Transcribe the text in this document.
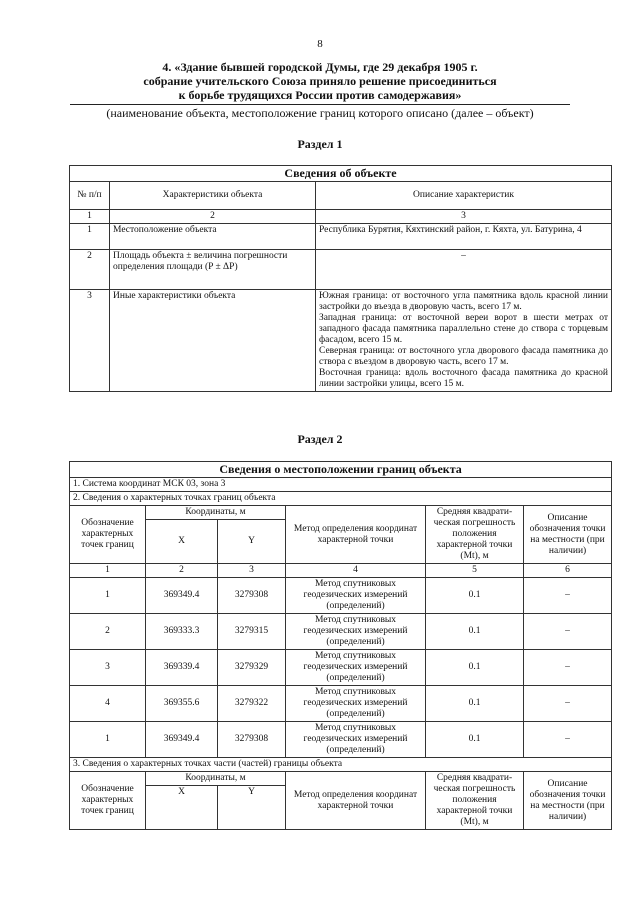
8
4. «Здание бывшей городской Думы, где 29 декабря 1905 г.
собрание учительского Союза приняло решение присоединиться
к борьбе трудящихся России против самодержавия»
(наименование объекта, местоположение границ которого описано (далее – объект)
Раздел 1
Сведения об объекте		
№ п/п	Характеристики объекта	Описание характеристик
1	2	3
1	Местоположение объекта	Республика Бурятия, Кяхтинский район, г. Кяхта, ул. Батурина, 4
2	Площадь объекта ± величина погрешности определения площади (P ± ΔP)	–
3	Иные характеристики объекта	Южная граница: от восточного угла памятника вдоль красной линии застройки до въезда в дворовую часть, всего 17 м.
Западная граница: от восточной вереи ворот в шести метрах от западного фасада памятника параллельно стене до створа с торцевым фасадом, всего 15 м.
Северная граница: от восточного угла дворового фасада памятника до створа с въездом в дворовую часть, всего 17 м.
Восточная граница: вдоль восточного фасада памятника до красной линии застройки улицы, всего 15 м.
Раздел 2
Сведения о местоположении границ объекта					
1. Система координат МСК 03, зона 3					
2. Сведения о характерных точках границ объекта					
Обозначение характерных точек границ	Координаты, м		Метод определения координат характерной точки	Средняя квадрати-ческая погрешность положения характерной точки (Mt), м	Описание обозначения точки на местности (при наличии)
	X	Y			
1	2	3	4	5	6
1	369349.4	3279308	Метод спутниковых геодезических измерений (определений)	0.1	–
2	369333.3	3279315	Метод спутниковых геодезических измерений (определений)	0.1	–
3	369339.4	3279329	Метод спутниковых геодезических измерений (определений)	0.1	–
4	369355.6	3279322	Метод спутниковых геодезических измерений (определений)	0.1	–
1	369349.4	3279308	Метод спутниковых геодезических измерений (определений)	0.1	–
3. Сведения о характерных точках части (частей) границы объекта					
Обозначение характерных точек границ	Координаты, м		Метод определения координат характерной точки	Средняя квадрати-ческая погрешность положения характерной точки (Mt), м	Описание обозначения точки на местности (при наличии)
	X	Y			
